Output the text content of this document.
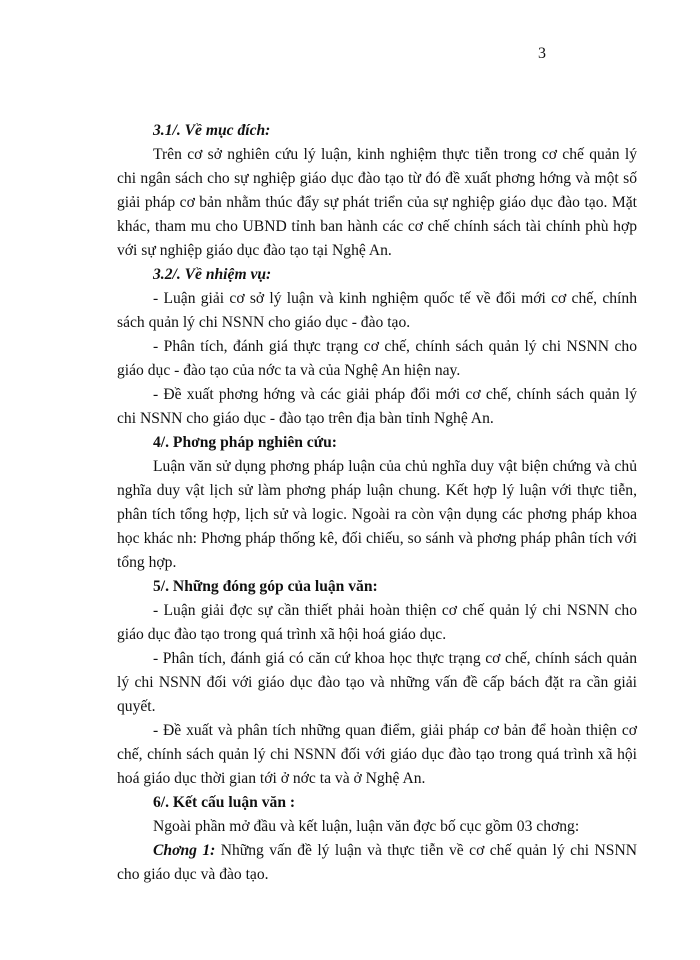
3

3.1/. Về mục đích:

Trên cơ sở nghiên cứu lý luận, kinh nghiệm thực tiễn trong cơ chế quản lý chi ngân sách cho sự nghiệp giáo dục đào tạo từ đó đề xuất phơng hớng và một số giải pháp cơ bản nhằm thúc đẩy sự phát triển của sự nghiệp giáo dục đào tạo. Mặt khác, tham mu cho UBND tỉnh ban hành các cơ chế chính sách tài chính phù hợp với sự nghiệp giáo dục đào tạo tại Nghệ An.

3.2/. Về nhiệm vụ:

- Luận giải cơ sở lý luận và kinh nghiệm quốc tế về đổi mới cơ chế, chính sách quản lý chi NSNN cho giáo dục - đào tạo.

- Phân tích, đánh giá thực trạng cơ chế, chính sách quản lý chi NSNN cho giáo dục - đào tạo của nớc ta và của Nghệ An hiện nay.

- Đề xuất phơng hớng và các giải pháp đổi mới cơ chế, chính sách quản lý chi NSNN cho giáo dục - đào tạo trên địa bàn tỉnh Nghệ An.

4/. Phơng pháp nghiên cứu:

Luận văn sử dụng phơng pháp luận của chủ nghĩa duy vật biện chứng và chủ nghĩa duy vật lịch sử làm phơng pháp luận chung. Kết hợp lý luận với thực tiễn, phân tích tổng hợp, lịch sử và logic. Ngoài ra còn vận dụng các phơng pháp khoa học khác nh: Phơng pháp thống kê, đối chiếu, so sánh và phơng pháp phân tích với tổng hợp.

5/. Những đóng góp của luận văn:

- Luận giải đợc sự cần thiết phải hoàn thiện cơ chế quản lý chi NSNN cho giáo dục đào tạo trong quá trình xã hội hoá giáo dục.

- Phân tích, đánh giá có căn cứ khoa học thực trạng cơ chế, chính sách quản lý chi NSNN đối với giáo dục đào tạo và những vấn đề cấp bách đặt ra cần giải quyết.

- Đề xuất và phân tích những quan điểm, giải pháp cơ bản để hoàn thiện cơ chế, chính sách quản lý chi NSNN đối với giáo dục đào tạo trong quá trình xã hội hoá giáo dục thời gian tới ở nớc ta và ở Nghệ An.

6/. Kết cấu luận văn :

Ngoài phần mở đầu và kết luận, luận văn đợc bố cục gồm 03 chơng:

Chơng 1: Những vấn đề lý luận và thực tiễn về cơ chế quản lý chi NSNN cho giáo dục và đào tạo.
